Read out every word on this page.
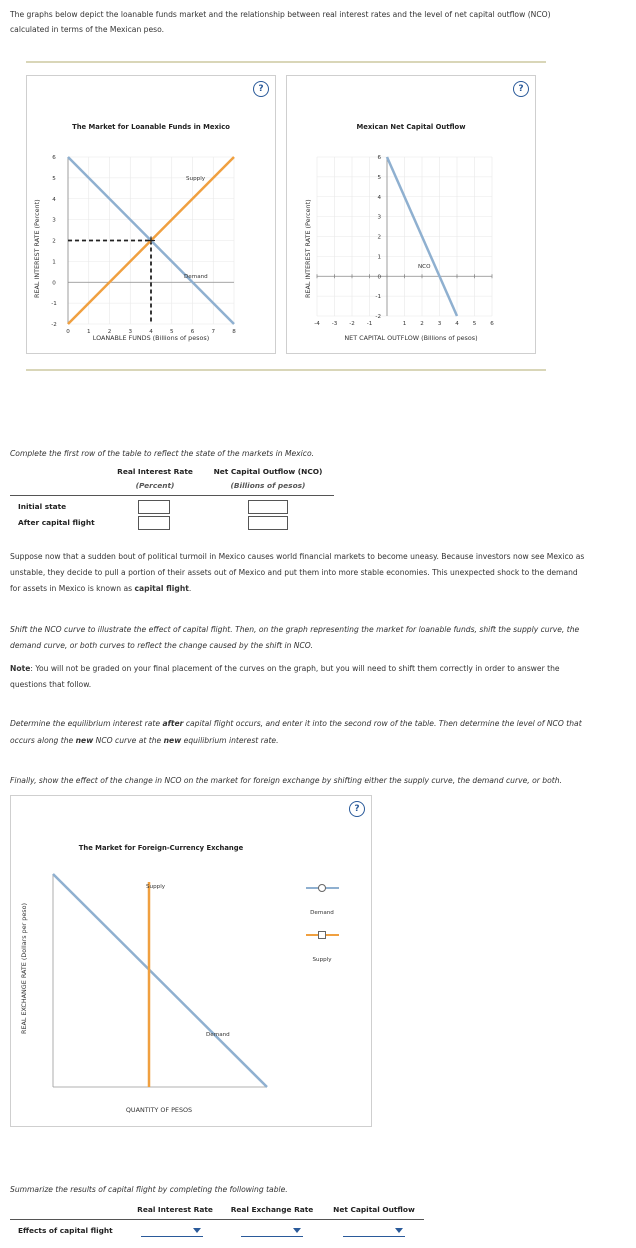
The graphs below depict the loanable funds market and the relationship between real interest rates and the level of net capital outflow (NCO)
calculated in terms of the Mexican peso.
?
The Market for Loanable Funds in Mexico
REAL INTEREST RATE (Percent)
6
5
4
3
2
1
0
-1
-2
0	1	2	3	4	5	6	7	8
Supply
Demand
LOANABLE FUNDS (Billions of pesos)
?
Mexican Net Capital Outflow
REAL INTEREST RATE (Percent)
6
5
4
3
2
1
0
-1
-2
-4 -3 -2 -1	1 2 3 4 5 6
NCO
NET CAPITAL OUTFLOW (Billions of pesos)
Complete the first row of the table to reflect the state of the markets in Mexico.
Real Interest Rate
(Percent)
Net Capital Outflow (NCO)
(Billions of pesos)
Initial state
After capital flight
Suppose now that a sudden bout of political turmoil in Mexico causes world financial markets to become uneasy. Because investors now see Mexico as
unstable, they decide to pull a portion of their assets out of Mexico and put them into more stable economies. This unexpected shock to the demand
for assets in Mexico is known as capital flight.
Shift the NCO curve to illustrate the effect of capital flight. Then, on the graph representing the market for loanable funds, shift the supply curve, the
demand curve, or both curves to reflect the change caused by the shift in NCO.
Note: You will not be graded on your final placement of the curves on the graph, but you will need to shift them correctly in order to answer the
questions that follow.
Determine the equilibrium interest rate after capital flight occurs, and enter it into the second row of the table. Then determine the level of NCO that
occurs along the new NCO curve at the new equilibrium interest rate.
Finally, show the effect of the change in NCO on the market for foreign exchange by shifting either the supply curve, the demand curve, or both.
?
The Market for Foreign-Currency Exchange
REAL EXCHANGE RATE (Dollars per peso)
Supply
Demand
QUANTITY OF PESOS
Demand
Supply
Summarize the results of capital flight by completing the following table.
Real Interest Rate	Real Exchange Rate	Net Capital Outflow
Effects of capital flight
